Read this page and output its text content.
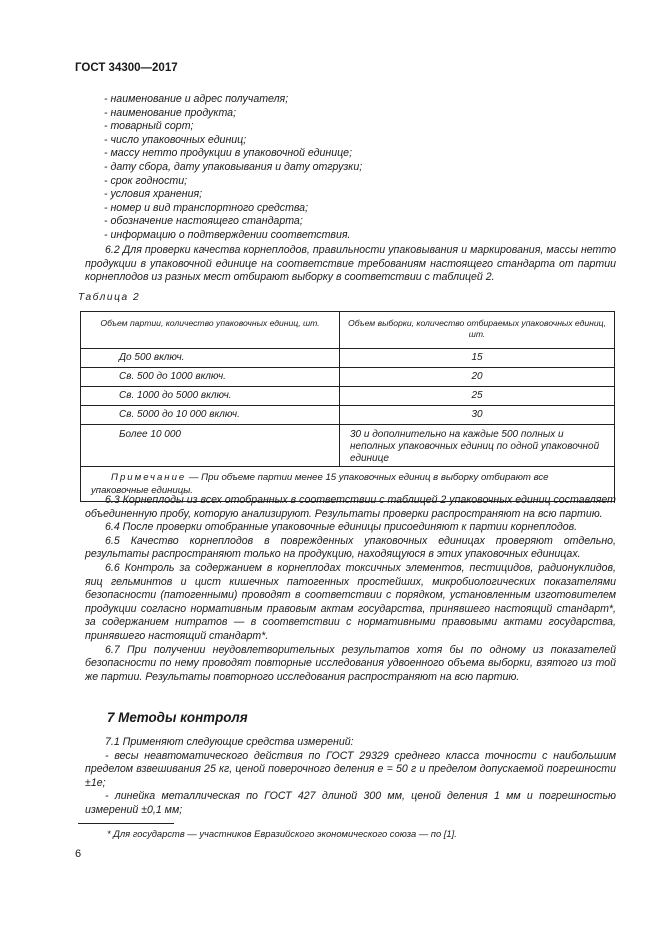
ГОСТ 34300—2017
- наименование и адрес получателя;
- наименование продукта;
- товарный сорт;
- число упаковочных единиц;
- массу нетто продукции в упаковочной единице;
- дату сбора, дату упаковывания и дату отгрузки;
- срок годности;
- условия хранения;
- номер и вид транспортного средства;
- обозначение настоящего стандарта;
- информацию о подтверждении соответствия.

6.2 Для проверки качества корнеплодов, правильности упаковывания и маркирования, массы нетто продукции в упаковочной единице на соответствие требованиям настоящего стандарта от партии корнеплодов из разных мест отбирают выборку в соответствии с таблицей 2.

Таблица 2
Объем партии, количество упаковочных единиц, шт.	Объем выборки, количество отбираемых упаковочных единиц, шт.
До 500 включ.	15
Св. 500 до 1000 включ.	20
Св. 1000 до 5000 включ.	25
Св. 5000 до 10 000 включ.	30
Более 10 000	30 и дополнительно на каждые 500 полных и неполных упаковочных единиц по одной упаковочной единице
Примечание — При объеме партии менее 15 упаковочных единиц в выборку отбирают все упаковочные единицы.	

6.3 Корнеплоды из всех отобранных в соответствии с таблицей 2 упаковочных единиц составляет объединенную пробу, которую анализируют. Результаты проверки распространяют на всю партию.

6.4 После проверки отобранные упаковочные единицы присоединяют к партии корнеплодов.

6.5 Качество корнеплодов в поврежденных упаковочных единицах проверяют отдельно, результаты распространяют только на продукцию, находящуюся в этих упаковочных единицах.

6.6 Контроль за содержанием в корнеплодах токсичных элементов, пестицидов, радионуклидов, яиц гельминтов и цист кишечных патогенных простейших, микробиологических показателями безопасности (патогенными) проводят в соответствии с порядком, установленным изготовителем продукции согласно нормативным правовым актам государства, принявшего настоящий стандарт*, за содержанием нитратов — в соответствии с нормативными правовыми актами государства, принявшего настоящий стандарт*.

6.7 При получении неудовлетворительных результатов хотя бы по одному из показателей безопасности по нему проводят повторные исследования удвоенного объема выборки, взятого из той же партии. Результаты повторного исследования распространяют на всю партию.

7 Методы контроля

7.1 Применяют следующие средства измерений:

- весы неавтоматического действия по ГОСТ 29329 среднего класса точности с наибольшим пределом взвешивания 25 кг, ценой поверочного деления е = 50 г и пределом допускаемой погрешности ±1е;

- линейка металлическая по ГОСТ 427 длиной 300 мм, ценой деления 1 мм и погрешностью измерений ±0,1 мм;

* Для государств — участников Евразийского экономического союза — по [1].
6
